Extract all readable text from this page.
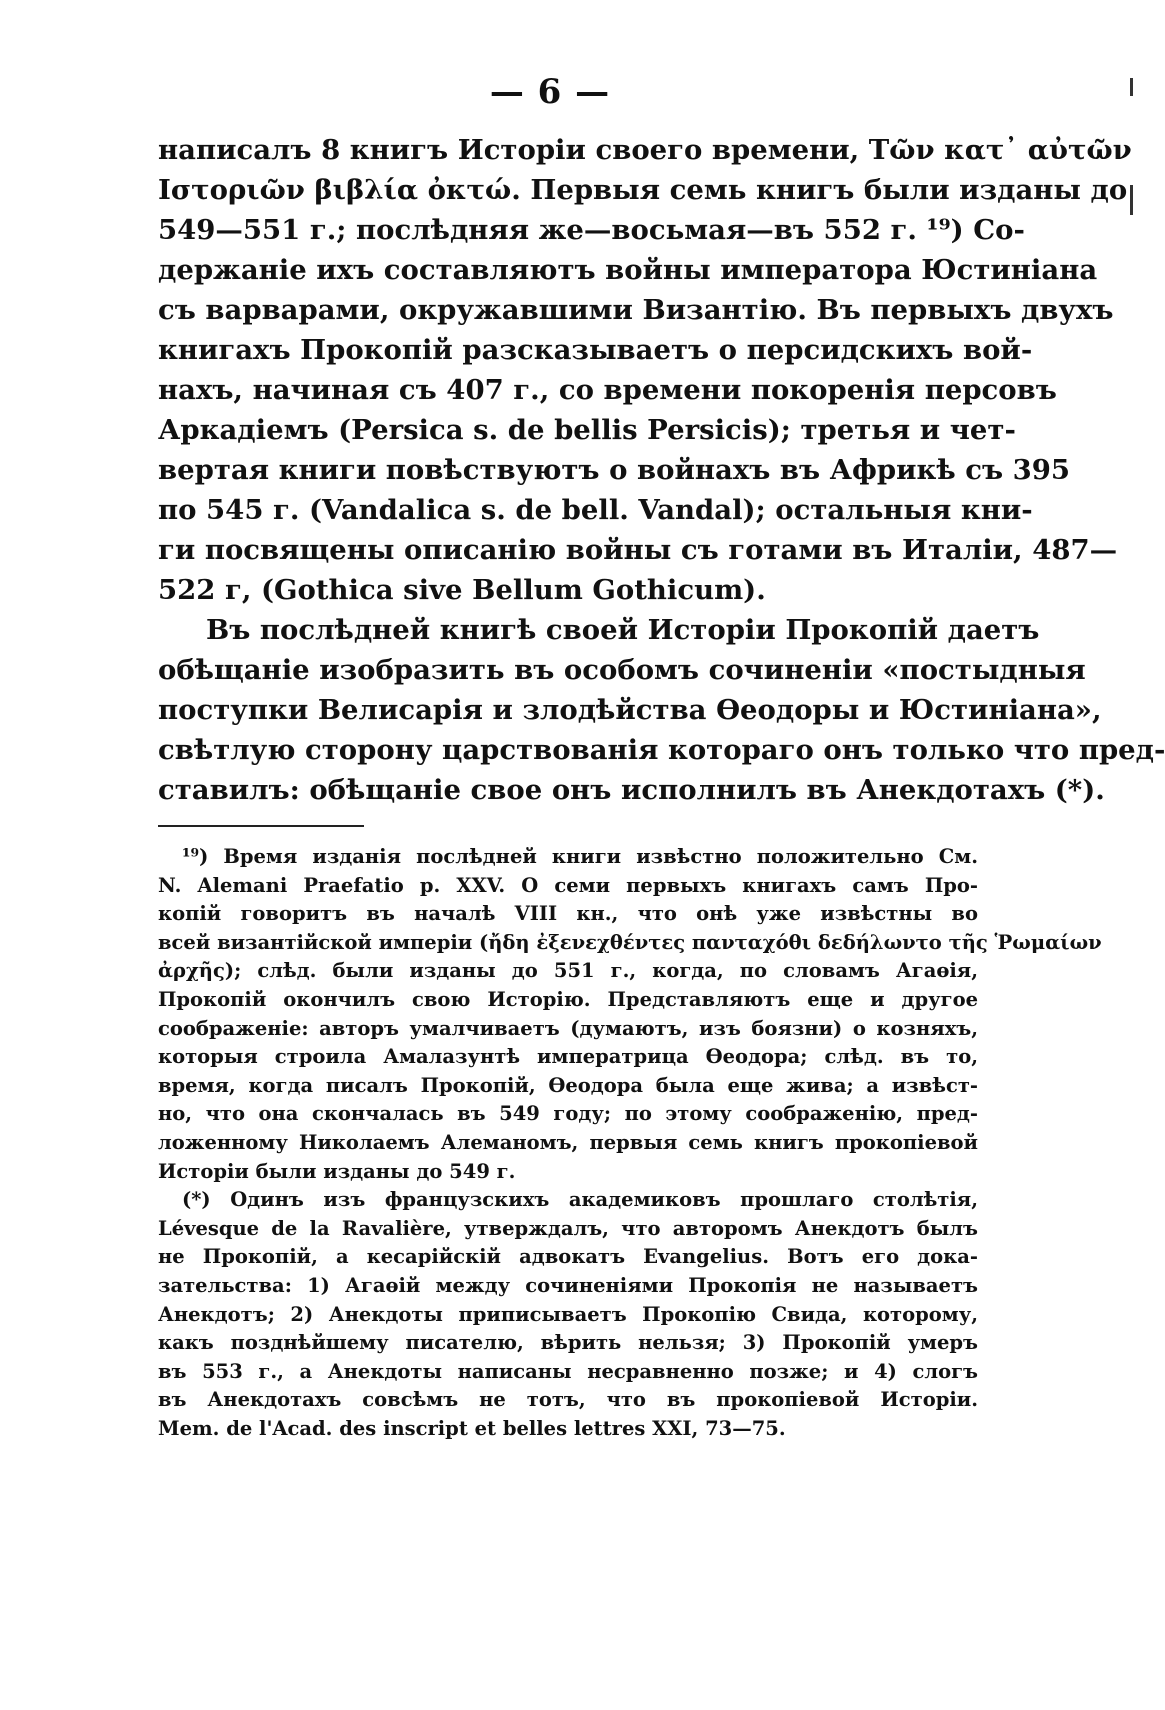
— 6 —
написалъ 8 книгъ Исторіи своего времени, Τῶν κατ᾿ αὐτῶν
Ιστοριῶν βιβλία ὀκτώ. Первыя семь книгъ были изданы до
549—551 г.; послѣдняя же—восьмая—въ 552 г. ¹⁹) Со-
держаніе ихъ составляютъ войны императора Юстиніана
съ варварами, окружавшими Византію. Въ первыхъ двухъ
книгахъ Прокопій разсказываетъ о персидскихъ вой-
нахъ, начиная съ 407 г., со времени покоренія персовъ
Аркадіемъ (Persica s. de bellis Persicis); третья и чет-
вертая книги повѣствуютъ о войнахъ въ Африкѣ съ 395
по 545 г. (Vandalica s. de bell. Vandal); остальныя кни-
ги посвящены описанію войны съ готами въ Италіи, 487—
522 г, (Gothica sive Bellum Gothicum).
Въ послѣдней книгѣ своей Исторіи Прокопій даетъ
обѣщаніе изобразить въ особомъ сочиненіи «постыдныя
поступки Велисарія и злодѣйства Өеодоры и Юстиніана»,
свѣтлую сторону царствованія котораго онъ только что пред-
ставилъ: обѣщаніе свое онъ исполнилъ въ Анекдотахъ (*).
¹⁹) Время изданія послѣдней книги извѣстно положительно См.
N. Alemani Praefatio p. XXV. О семи первыхъ книгахъ самъ Про-
копій говоритъ въ началѣ VIII кн., что онѣ уже извѣстны во
всей византійской имперіи (ἤδη ἐξενεχθέντες πανταχόθι δεδήλωντο τῆς Ῥωμαίων
ἀρχῆς); слѣд. были изданы до 551 г., когда, по словамъ Агаөія,
Прокопій окончилъ свою Исторію. Представляютъ еще и другое
соображеніе: авторъ умалчиваетъ (думаютъ, изъ боязни) о козняхъ,
которыя строила Амалазунтѣ императрица Өеодора; слѣд. въ то,
время, когда писалъ Прокопій, Өеодора была еще жива; а извѣст-
но, что она скончалась въ 549 году; по этому соображенію, пред-
ложенному Николаемъ Алеманомъ, первыя семь книгъ прокопіевой
Исторіи были изданы до 549 г.
(*) Одинъ изъ французскихъ академиковъ прошлаго столѣтія,
Lévesque de la Ravalière, утверждалъ, что авторомъ Анекдотъ былъ
не Прокопій, а кесарійскій адвокатъ Evangelius. Вотъ его дока-
зательства: 1) Агаөій между сочиненіями Прокопія не называетъ
Анекдотъ; 2) Анекдоты приписываетъ Прокопію Свида, которому,
какъ позднѣйшему писателю, вѣрить нельзя; 3) Прокопій умеръ
въ 553 г., а Анекдоты написаны несравненно позже; и 4) слогъ
въ Анекдотахъ совсѣмъ не тотъ, что въ прокопіевой Исторіи.
Mem. de l'Acad. des inscript et belles lettres XXI, 73—75.
